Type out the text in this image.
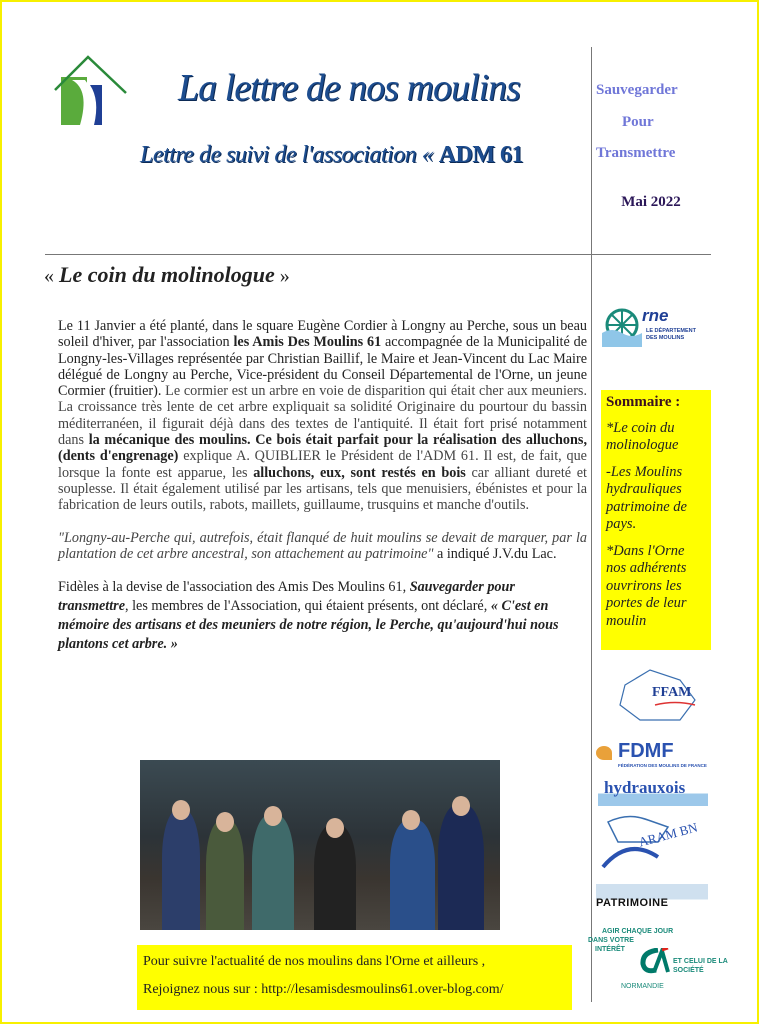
La lettre de nos moulins
Lettre de suivi de l'association « ADM 61
Sauvegarder
Pour
Transmettre
Mai 2022
« Le coin du molinologue »

Le 11 Janvier a été planté, dans le square Eugène Cordier à Longny au Perche, sous un beau soleil d'hiver, par l'association les Amis Des Moulins 61 accompagnée de la Municipalité de Longny-les-Villages représentée par Christian Baillif, le Maire et Jean-Vincent du Lac Maire délégué de Longny au Perche, Vice-président du Conseil Départemental de l'Orne, un jeune Cormier (fruitier). Le cormier est un arbre en voie de disparition qui était cher aux meuniers. La croissance très lente de cet arbre expliquait sa solidité Originaire du pourtour du bassin méditerranéen, il figurait déjà dans des textes de l'antiquité. Il était fort prisé notamment dans la mécanique des moulins. Ce bois était parfait pour la réalisation des alluchons, (dents d'engrenage) explique A. QUIBLIER le Président de l'ADM 61. Il est, de fait, que lorsque la fonte est apparue, les alluchons, eux, sont restés en bois car alliant dureté et souplesse. Il était également utilisé par les artisans, tels que menuisiers, ébénistes et pour la fabrication de leurs outils, rabots, maillets, guillaume, trusquins et manche d'outils.

"Longny-au-Perche qui, autrefois, était flanqué de huit moulins se devait de marquer, par la plantation de cet arbre ancestral, son attachement au patrimoine" a indiqué J.V.du Lac.

Fidèles à la devise de l'association des Amis Des Moulins 61, Sauvegarder pour transmettre, les membres de l'Association, qui étaient présents, ont déclaré, « C'est en mémoire des artisans et des meuniers de notre région, le Perche, qu'aujourd'hui nous plantons cet arbre. »

rne
LE DÉPARTEMENT
DES MOULINS
Sommaire :
*Le coin du molinologue
-Les Moulins hydrauliques patrimoine de pays.
*Dans l'Orne nos adhérents ouvrirons les portes de leur moulin
FFAM
FDMF
FÉDÉRATION DES MOULINS DE FRANCE
hydrauxois
ARAM BN
PATRIMOINE
AGIR CHAQUE JOUR
DANS VOTRE
INTÉRÊT
ET CELUI DE LA
SOCIÉTÉ
NORMANDIE
Pour suivre l'actualité de nos moulins dans l'Orne et ailleurs ,
Rejoignez nous sur : http://lesamisdesmoulins61.over-blog.com/
